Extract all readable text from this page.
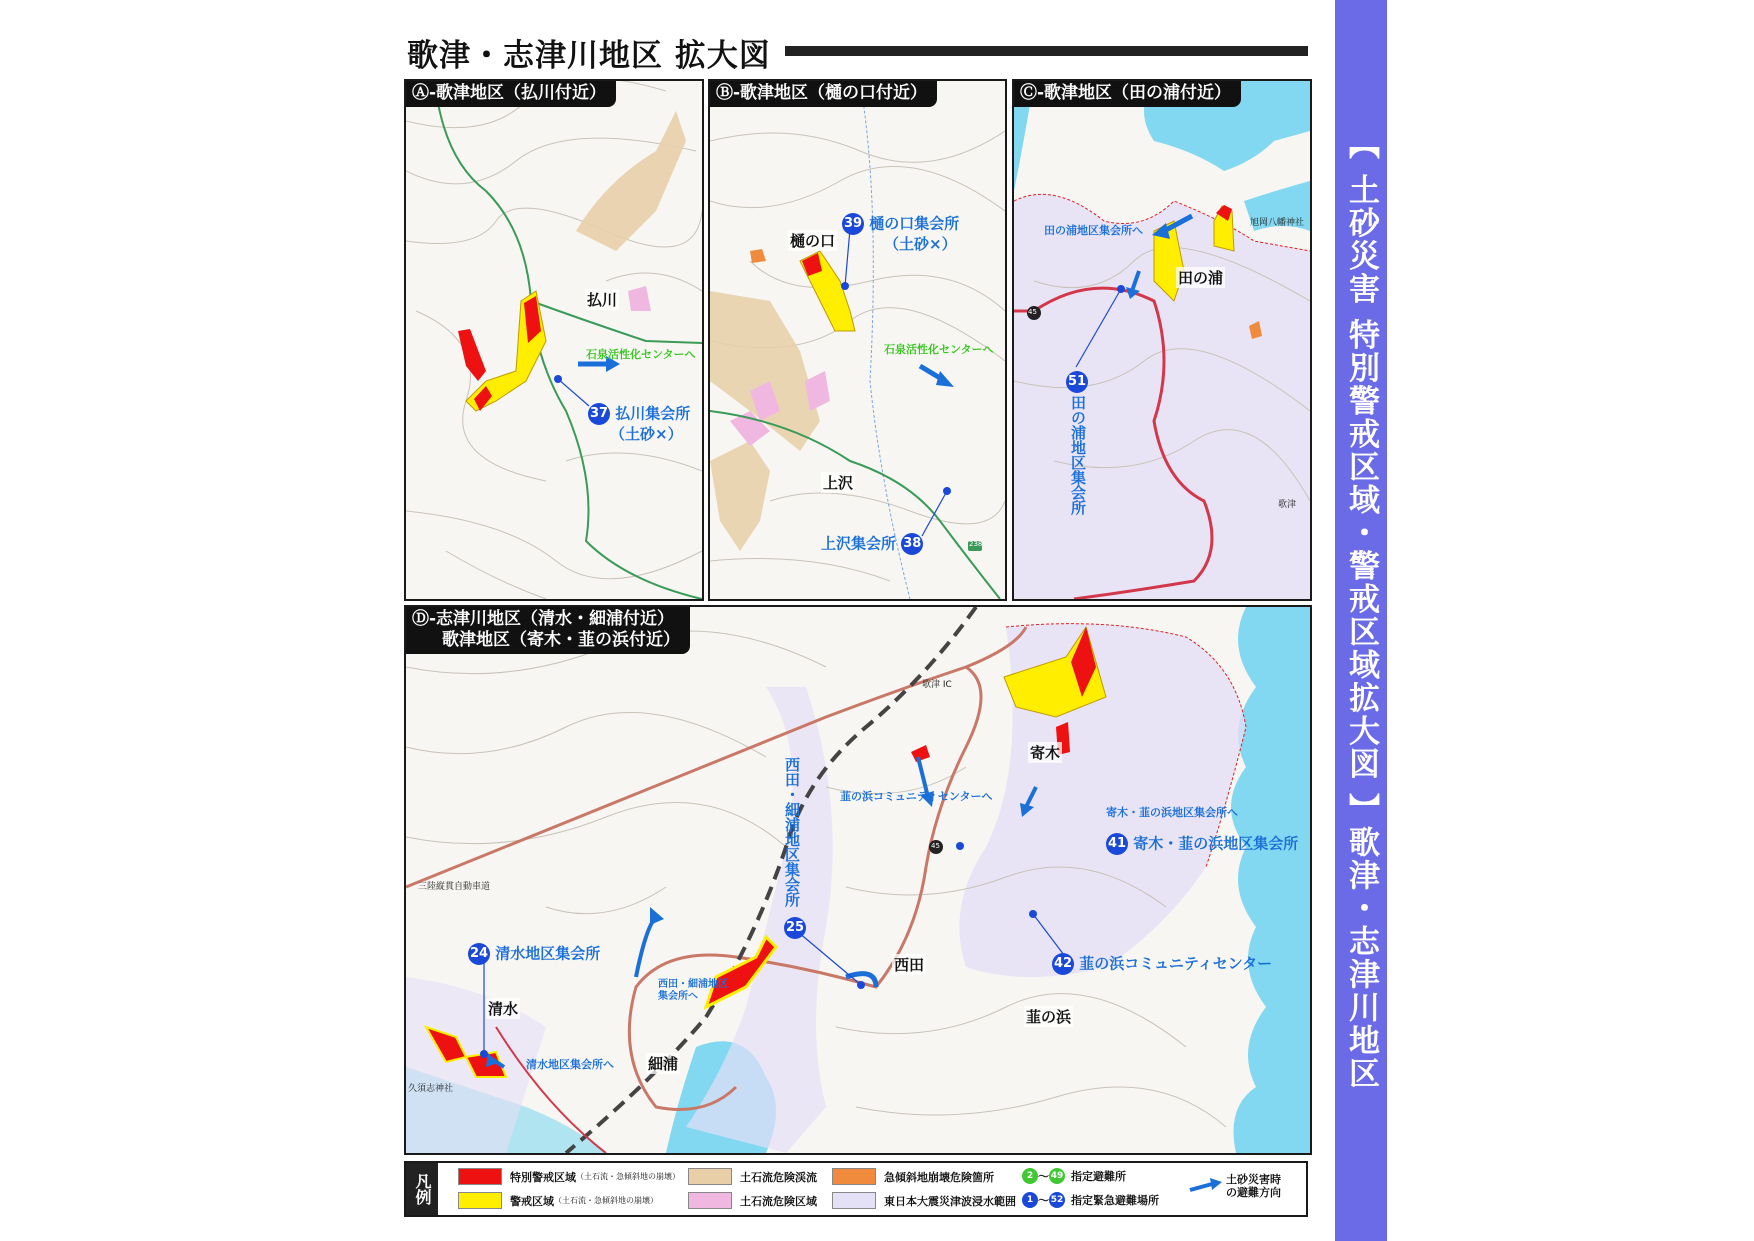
歌津・志津川地区 拡大図
【 土砂災害 特別警戒区域・警戒区域拡大図 】歌津・志津川地区
Ⓐ-歌津地区（払川付近）
払川
石泉活性化センターへ
37 払川集会所
（土砂×）
Ⓑ-歌津地区（樋の口付近）
樋の口
39 樋の口集会所
（土砂×）
石泉活性化センターへ
上沢
上沢集会所 38	238
Ⓒ-歌津地区（田の浦付近）
田の浦地区集会所へ
旭岡八幡神社
田の浦
45
51
田の浦地区集会所	歌津
Ⓓ-志津川地区（清水・細浦付近）
歌津地区（寄木・韮の浜付近）
歌津 IC
寄木
韮の浜コミュニティセンターへ
寄木・韮の浜地区集会所へ
41 寄木・韮の浜地区集会所
45
西田・細浦地区集会所
25
三陸縦貫自動車道
24 清水地区集会所
西田	42 韮の浜コミュニティセンター
西田・細浦地区
集会所へ
清水	韮の浜
細浦
清水地区集会所へ
久須志神社
凡例	特別警戒区域 （土石流・急傾斜地の崩壊）
警戒区域 （土石流・急傾斜地の崩壊）
土石流危険渓流
土石流危険区域
急傾斜地崩壊危険箇所
東日本大震災津波浸水範囲
2 ～ 49 指定避難所
1 ～ 52 指定緊急避難場所
土砂災害時の避難方向
